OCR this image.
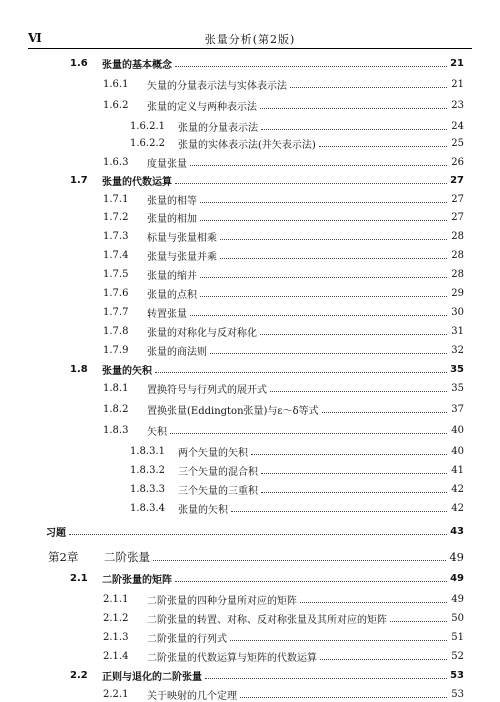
Ⅵ	张量分析(第2版)
1.6	张量的基本概念	21
1.6.1	矢量的分量表示法与实体表示法	21
1.6.2	张量的定义与两种表示法	23
1.6.2.1	张量的分量表示法	24
1.6.2.2	张量的实体表示法(并矢表示法)	25
1.6.3	度量张量	26
1.7	张量的代数运算	27
1.7.1	张量的相等	27
1.7.2	张量的相加	27
1.7.3	标量与张量相乘	28
1.7.4	张量与张量并乘	28
1.7.5	张量的缩并	28
1.7.6	张量的点积	29
1.7.7	转置张量	30
1.7.8	张量的对称化与反对称化	31
1.7.9	张量的商法则	32
1.8	张量的矢积	35
1.8.1	置换符号与行列式的展开式	35
1.8.2	置换张量(Eddington张量)与ε～δ等式	37
1.8.3	矢积	40
1.8.3.1	两个矢量的矢积	40
1.8.3.2	三个矢量的混合积	41
1.8.3.3	三个矢量的三重积	42
1.8.3.4	张量的矢积	42
习题	43
第2章	二阶张量	49
2.1	二阶张量的矩阵	49
2.1.1	二阶张量的四种分量所对应的矩阵	49
2.1.2	二阶张量的转置、对称、反对称张量及其所对应的矩阵	50
2.1.3	二阶张量的行列式	51
2.1.4	二阶张量的代数运算与矩阵的代数运算	52
2.2	正则与退化的二阶张量	53
2.2.1	关于映射的几个定理	53
